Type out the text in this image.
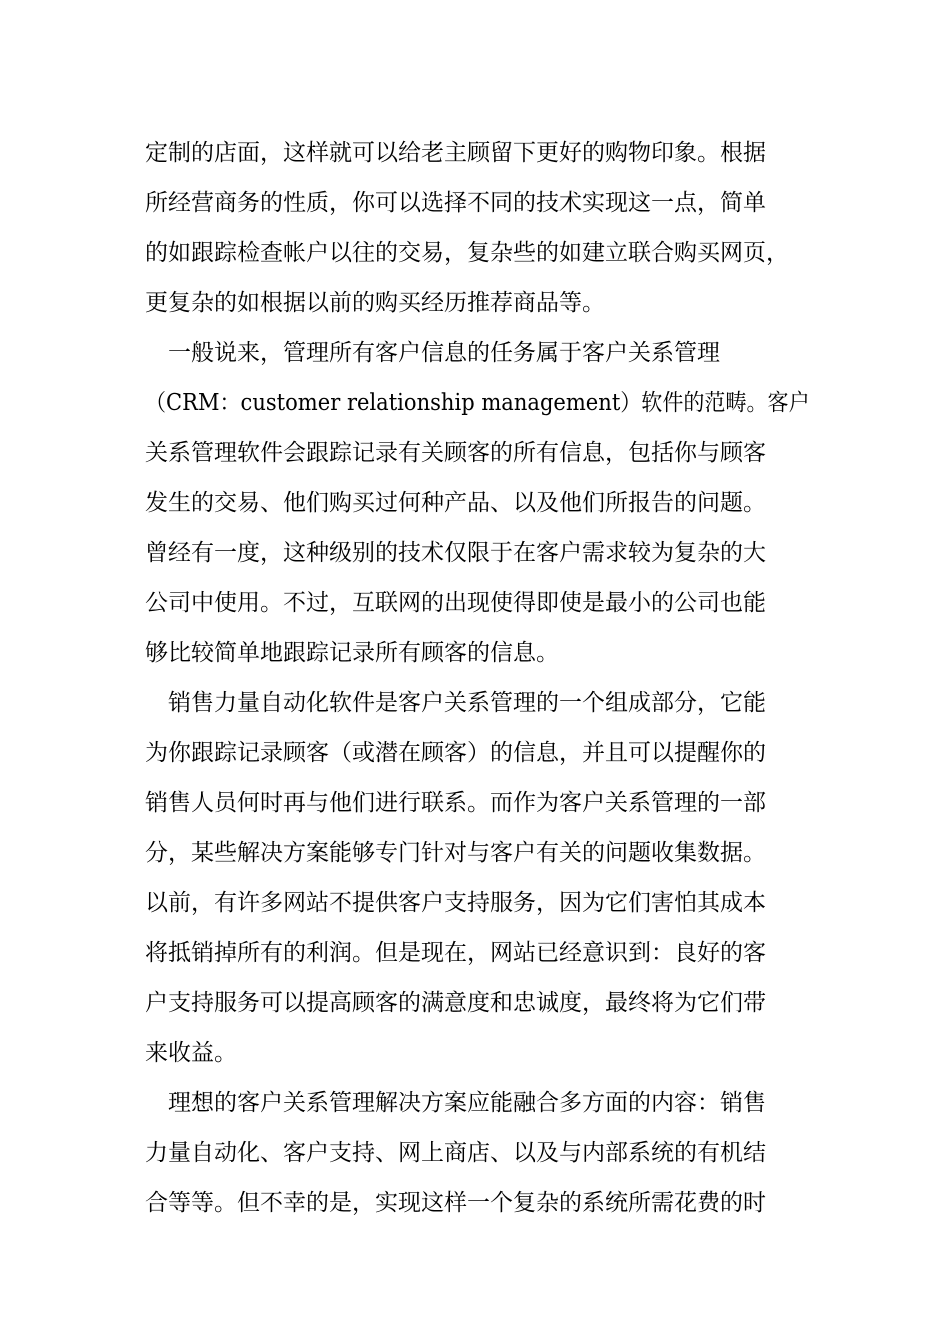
定制的店面，这样就可以给老主顾留下更好的购物印象。根据
所经营商务的性质，你可以选择不同的技术实现这一点，简单
的如跟踪检查帐户以往的交易，复杂些的如建立联合购买网页，
更复杂的如根据以前的购买经历推荐商品等。
　一般说来，管理所有客户信息的任务属于客户关系管理
（CRM：customer relationship management）软件的范畴。客户
关系管理软件会跟踪记录有关顾客的所有信息，包括你与顾客
发生的交易、他们购买过何种产品、以及他们所报告的问题。
曾经有一度，这种级别的技术仅限于在客户需求较为复杂的大
公司中使用。不过，互联网的出现使得即使是最小的公司也能
够比较简单地跟踪记录所有顾客的信息。
　销售力量自动化软件是客户关系管理的一个组成部分，它能
为你跟踪记录顾客（或潜在顾客）的信息，并且可以提醒你的
销售人员何时再与他们进行联系。而作为客户关系管理的一部
分，某些解决方案能够专门针对与客户有关的问题收集数据。
以前，有许多网站不提供客户支持服务，因为它们害怕其成本
将抵销掉所有的利润。但是现在，网站已经意识到：良好的客
户支持服务可以提高顾客的满意度和忠诚度，最终将为它们带
来收益。
　理想的客户关系管理解决方案应能融合多方面的内容：销售
力量自动化、客户支持、网上商店、以及与内部系统的有机结
合等等。但不幸的是，实现这样一个复杂的系统所需花费的时
